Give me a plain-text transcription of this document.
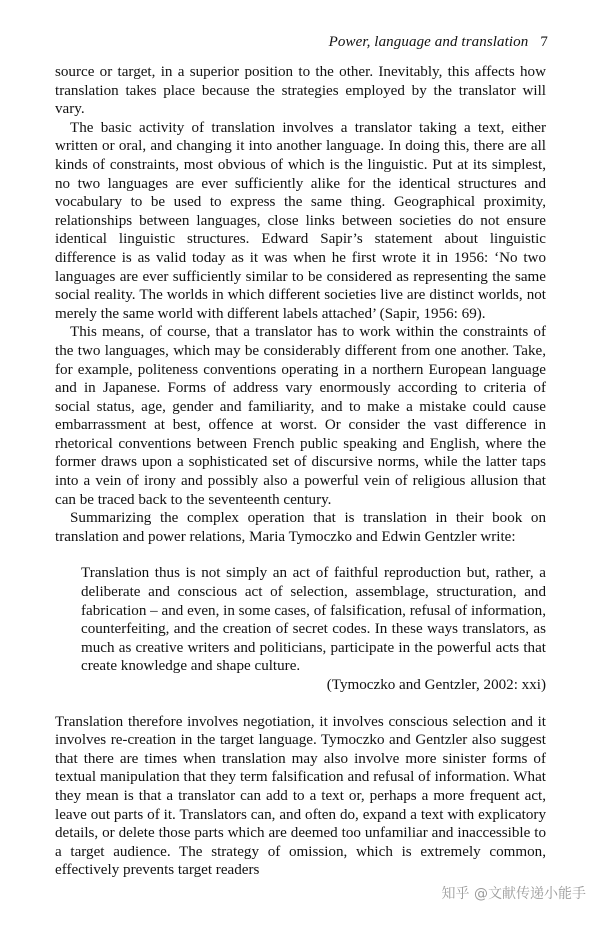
Power, language and translation 7

source or target, in a superior position to the other. Inevitably, this affects how translation takes place because the strategies employed by the translator will vary.

The basic activity of translation involves a translator taking a text, either written or oral, and changing it into another language. In doing this, there are all kinds of constraints, most obvious of which is the linguistic. Put at its simplest, no two languages are ever sufficiently alike for the identical structures and vocabulary to be used to express the same thing. Geographical proximity, relationships between languages, close links between societies do not ensure identical linguistic structures. Edward Sapir’s statement about linguistic difference is as valid today as it was when he first wrote it in 1956: ‘No two languages are ever sufficiently similar to be considered as representing the same social reality. The worlds in which different societies live are distinct worlds, not merely the same world with different labels attached’ (Sapir, 1956: 69).

This means, of course, that a translator has to work within the constraints of the two languages, which may be considerably different from one another. Take, for example, politeness conventions operating in a northern European language and in Japanese. Forms of address vary enormously according to criteria of social status, age, gender and familiarity, and to make a mistake could cause embarrassment at best, offence at worst. Or consider the vast difference in rhetorical conventions between French public speaking and English, where the former draws upon a sophisticated set of discursive norms, while the latter taps into a vein of irony and possibly also a powerful vein of religious allusion that can be traced back to the seventeenth century.

Summarizing the complex operation that is translation in their book on translation and power relations, Maria Tymoczko and Edwin Gentzler write:

Translation thus is not simply an act of faithful reproduction but, rather, a deliberate and conscious act of selection, assemblage, structuration, and fabrication – and even, in some cases, of falsification, refusal of information, counterfeiting, and the creation of secret codes. In these ways translators, as much as creative writers and politicians, participate in the powerful acts that create knowledge and shape culture.

(Tymoczko and Gentzler, 2002: xxi)

Translation therefore involves negotiation, it involves conscious selection and it involves re-creation in the target language. Tymoczko and Gentzler also suggest that there are times when translation may also involve more sinister forms of textual manipulation that they term falsification and refusal of information. What they mean is that a translator can add to a text or, perhaps a more frequent act, leave out parts of it. Translators can, and often do, expand a text with explicatory details, or delete those parts which are deemed too unfamiliar and inaccessible to a target audience. The strategy of omission, which is extremely common, effectively prevents target readers

知乎 @文献传递小能手
